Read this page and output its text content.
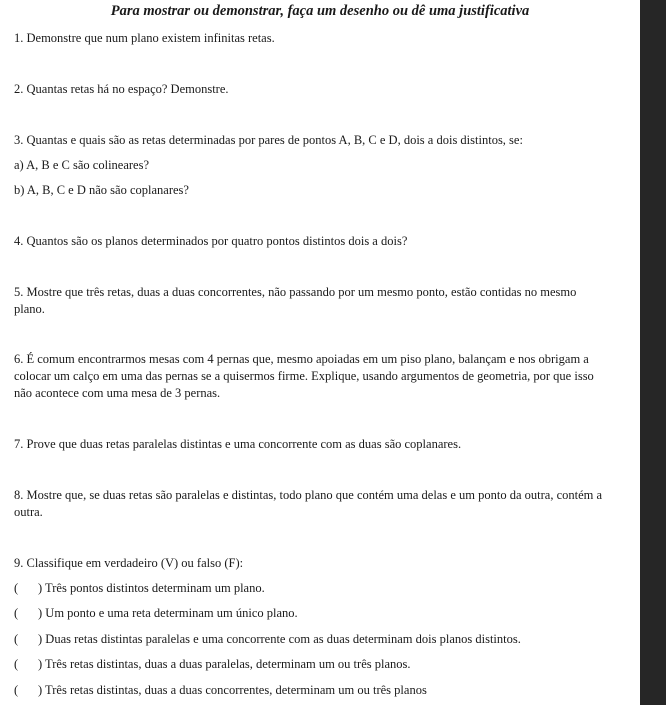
Para mostrar ou demonstrar, faça um desenho ou dê uma justificativa
1. Demonstre que num plano existem infinitas retas.
2. Quantas retas há no espaço? Demonstre.
3. Quantas e quais são as retas determinadas por pares de pontos A, B, C e D, dois a dois distintos, se:
a) A, B e C são colineares?
b) A, B, C e D não são coplanares?
4. Quantos são os planos determinados por quatro pontos distintos dois a dois?
5. Mostre que três retas, duas a duas concorrentes, não passando por um mesmo ponto, estão contidas no mesmo plano.
6. É comum encontrarmos mesas com 4 pernas que, mesmo apoiadas em um piso plano, balançam e nos obrigam a colocar um calço em uma das pernas se a quisermos firme. Explique, usando argumentos de geometria, por que isso não acontece com uma mesa de 3 pernas.
7. Prove que duas retas paralelas distintas e uma concorrente com as duas são coplanares.
8. Mostre que, se duas retas são paralelas e distintas, todo plano que contém uma delas e um ponto da outra, contém a outra.
9. Classifique em verdadeiro (V) ou falso (F):
( ) Três pontos distintos determinam um plano.
( ) Um ponto e uma reta determinam um único plano.
( ) Duas retas distintas paralelas e uma concorrente com as duas determinam dois planos distintos.
( ) Três retas distintas, duas a duas paralelas, determinam um ou três planos.
( ) Três retas distintas, duas a duas concorrentes, determinam um ou três planos
